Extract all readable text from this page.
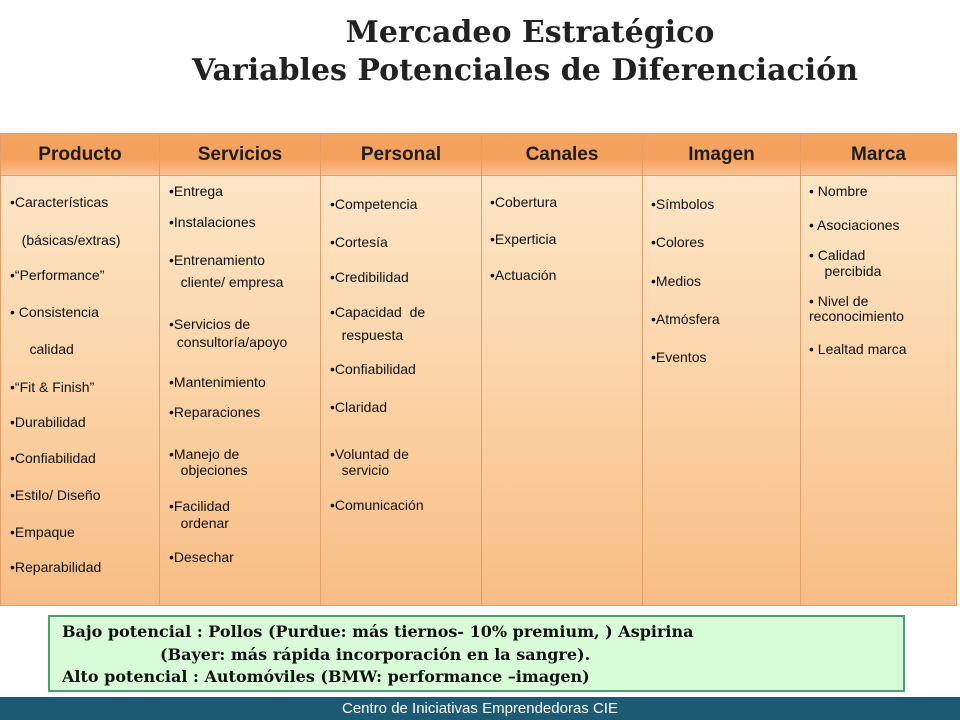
Mercadeo Estratégico
Variables Potenciales de Diferenciación
Producto
•Características
(básicas/extras)
•“Performance”
• Consistencia
calidad
•“Fit & Finish”
•Durabilidad
•Confiabilidad
•Estilo/ Diseño
•Empaque
•Reparabilidad
Servicios
•Entrega
•Instalaciones
•Entrenamiento
cliente/ empresa
•Servicios de
consultoría/apoyo
•Mantenimiento
•Reparaciones
•Manejo de
objeciones
•Facilidad
ordenar
•Desechar
Personal
•Competencia
•Cortesía
•Credibilidad
•Capacidad  de
respuesta
•Confiabilidad
•Claridad
•Voluntad de
servicio
•Comunicación
Canales
•Cobertura
•Experticia
•Actuación
Imagen
•Símbolos
•Colores
•Medios
•Atmósfera
•Eventos
Marca
• Nombre
• Asociaciones
• Calidad
percibida
• Nivel de
reconocimiento
• Lealtad marca
Bajo potencial : Pollos (Purdue: más tiernos- 10% premium, ) Aspirina
(Bayer: más rápida incorporación en la sangre).
Alto potencial : Automóviles (BMW: performance –imagen)
Centro de Iniciativas Emprendedoras CIE
